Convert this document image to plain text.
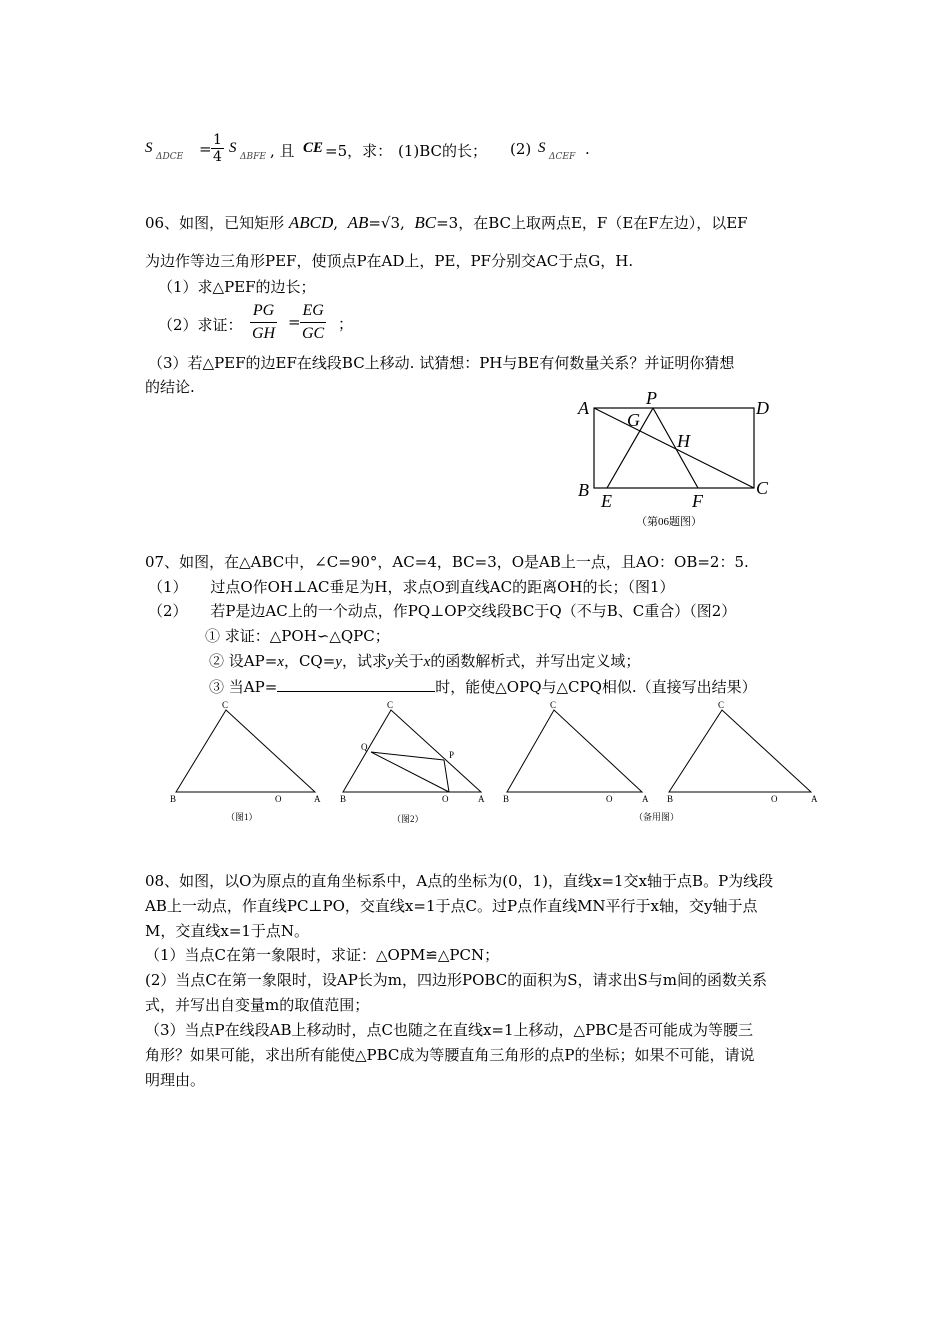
S
$\Delta DCE = \frac{1}{4}$ S
ΔBFE , 且 CE =5，求： (1)BC的长； (2) S
ΔCEF .
06、如图，已知矩形 ABCD,  AB=√3, BC=3，在BC上取两点E，F（E在F左边），以EF
为边作等边三角形PEF，使顶点P在AD上，PE，PF分别交AC于点G，H.
（1）求△PEF的边长；
（2）求证： $\frac{PG}{GH} = \frac{EG}{GC}$ ；
（3）若△PEF的边EF在线段BC上移动. 试猜想：PH与BE有何数量关系？并证明你猜想
的结论.
A	P	D
G
H
B
E	F
C
（第06题图）
07、如图，在△ABC中，∠C=90°，AC=4，BC=3，O是AB上一点，且AO：OB=2：5.
（1） 过点O作OH⊥AC垂足为H，求点O到直线AC的距离OH的长；（图1）
（2） 若P是边AC上的一个动点，作PQ⊥OP交线段BC于Q（不与B、C重合）（图2）
① 求证：△POH∽△QPC；
② 设AP=x，CQ=y，试求y关于x的函数解析式，并写出定义域；
③ 当AP=	时，能使△OPQ与△CPQ相似.（直接写出结果）
C
B	O	A
（图1）
C
Q
P
B	O	A
（图2）
C
B	O	A
C
B	O	A
（备用图）
08、如图，以O为原点的直角坐标系中，A点的坐标为(0，1)，直线x=1交x轴于点B。P为线段
AB上一动点，作直线PC⊥PO，交直线x=1于点C。过P点作直线MN平行于x轴，交y轴于点
M，交直线x=1于点N。
（1）当点C在第一象限时，求证：△OPM≌△PCN；
(2）当点C在第一象限时，设AP长为m，四边形POBC的面积为S，请求出S与m间的函数关系
式，并写出自变量m的取值范围；
（3）当点P在线段AB上移动时，点C也随之在直线x=1上移动，△PBC是否可能成为等腰三
角形？如果可能，求出所有能使△PBC成为等腰直角三角形的点P的坐标；如果不可能，请说
明理由。
